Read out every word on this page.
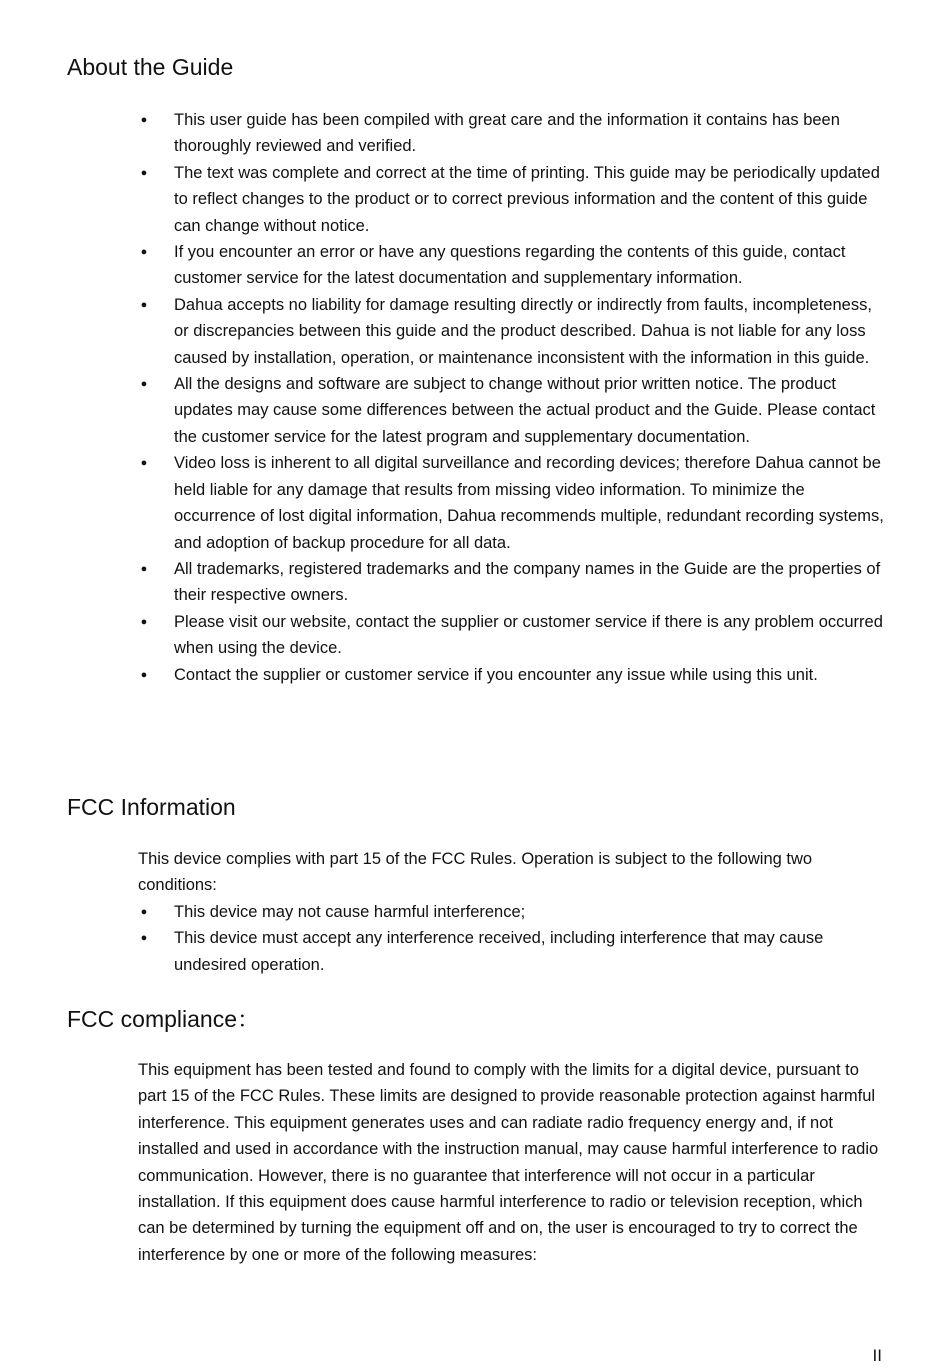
About the Guide
● This user guide has been compiled with great care and the information it contains has been thoroughly reviewed and verified.
● The text was complete and correct at the time of printing. This guide may be periodically updated to reflect changes to the product or to correct previous information and the content of this guide can change without notice.
● If you encounter an error or have any questions regarding the contents of this guide, contact customer service for the latest documentation and supplementary information.
● Dahua accepts no liability for damage resulting directly or indirectly from faults, incompleteness, or discrepancies between this guide and the product described. Dahua is not liable for any loss caused by installation, operation, or maintenance inconsistent with the information in this guide.
● All the designs and software are subject to change without prior written notice. The product updates may cause some differences between the actual product and the Guide. Please contact the customer service for the latest program and supplementary documentation.
● Video loss is inherent to all digital surveillance and recording devices; therefore Dahua cannot be held liable for any damage that results from missing video information. To minimize the occurrence of lost digital information, Dahua recommends multiple, redundant recording systems, and adoption of backup procedure for all data.
● All trademarks, registered trademarks and the company names in the Guide are the properties of their respective owners.
● Please visit our website, contact the supplier or customer service if there is any problem occurred when using the device.
● Contact the supplier or customer service if you encounter any issue while using this unit.
FCC Information

This device complies with part 15 of the FCC Rules. Operation is subject to the following two conditions:

● This device may not cause harmful interference;
● This device must accept any interference received, including interference that may cause undesired operation.
FCC compliance：

This equipment has been tested and found to comply with the limits for a digital device, pursuant to part 15 of the FCC Rules. These limits are designed to provide reasonable protection against harmful interference. This equipment generates uses and can radiate radio frequency energy and, if not installed and used in accordance with the instruction manual, may cause harmful interference to radio communication. However, there is no guarantee that interference will not occur in a particular installation. If this equipment does cause harmful interference to radio or television reception, which can be determined by turning the equipment off and on, the user is encouraged to try to correct the interference by one or more of the following measures:

II
